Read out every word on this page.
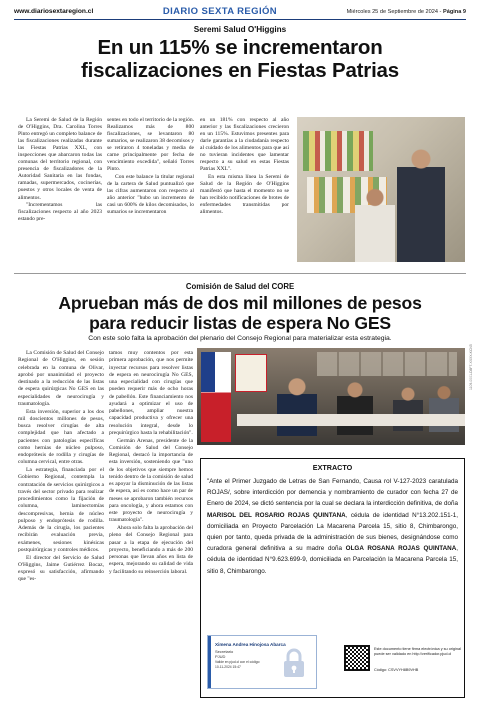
www.diariosextaregion.cl	DIARIO SEXTA REGIÓN	Miércoles 25 de Septiembre de 2024 - Página 9
Seremi Salud O'Higgins
En un 115% se incrementaron
fiscalizaciones en Fiestas Patrias

La Seremi de Salud de la Región de O'Higgins, Dra. Carolina Torres Pinto entregó un completo balance de las fiscalizaciones realizadas durante las Fiestas Patrias XXL, con inspecciones que abarcaron todas las comunas del territorio regional, con presencia de fiscalizadores de la Autoridad Sanitaria en las fondas, ramadas, supermercados, cocinerías, puestos y otros locales de venta de alimentos.

"Incrementamos las fiscalizaciones respecto al año 2023 estando pre-

sentes en todo el territorio de la región. Realizamos más de 800 fiscalizaciones, se levantaron 80 sumarios, se realizaron 38 decomisos y se retiraron 4 toneladas y media de carne principalmente por fecha de vencimiento excedida", señaló Torres Pinto.

Con este balance la titular regional de la cartera de Salud puntualizó que las cifras aumentaron con respecto al año anterior "hubo un incremento de casi un 600% de kilos decomisados, lo sumarios se incrementaron

en un 181% con respecto al año anterior y las fiscalizaciones crecieron en un 115%. Estuvimos presentes para darle garantías a la ciudadanía respecto al cuidado de los alimentos para que así no tuvieran incidentes que lamentar respecto a su salud en estas Fiestas Patrias XXL".

En esta misma línea la Seremi de Salud de la Región de O'Higgins manifestó que hasta el momento no se han recibido notificaciones de brotes de enfermedades transmitidas por alimentos.

Comisión de Salud del CORE
Aprueban más de dos mil millones de pesos
para reducir listas de espera No GES
Con este solo falta la aprobación del plenario del Consejo Regional para materializar esta estrategia.

La Comisión de Salud del Consejo Regional de O'Higgins, en sesión celebrada en la comuna de Olivar, aprobó por unanimidad el proyecto destinado a la reducción de las listas de espera quirúrgicas No GES en las especialidades de neurocirugía y traumatología.

Esta inversión, superior a los dos mil doscientos millones de pesos, busca resolver cirugías de alta complejidad que han afectado a pacientes con patologías específicas como hernias de núcleo pulposo, endoprótesis de rodilla y cirugías de columna cervical, entre otras.

La estrategia, financiada por el Gobierno Regional, contempla la contratación de servicios quirúrgicos a través del sector privado para realizar procedimientos como la fijación de columna, laminectomías descompresivas, hernia de núcleo pulposo y endoprótesis de rodilla. Además de la cirugía, los pacientes recibirán evaluación previa, exámenes, sesiones kinésicas postquirúrgicas y controles médicos.

El director del Servicio de Salud O'Higgins, Jaime Gutiérrez Bocaz, expresó su satisfacción, afirmando que "es-

tamos muy contentos por esta primera aprobación, que nos permite inyectar recursos para resolver listas de espera en neurocirugía No GES, una especialidad con cirugías que pueden requerir más de ocho horas de pabellón. Este financiamiento nos ayudará a optimizar el uso de pabellones, ampliar nuestra capacidad productiva y ofrecer una resolución integral, desde lo prequirúrgico hasta la rehabilitación".

Germán Arenas, presidente de la Comisión de Salud del Consejo Regional, destacó la importancia de esta inversión, sosteniendo que "uno de los objetivos que siempre hemos tenido dentro de la comisión de salud es apoyar la disminución de las listas de espera, así es como hace un par de meses se aprobaron también recursos para oncología, y ahora estamos con este proyecto de neurocirugía y traumatología".

Ahora solo falta la aprobación del pleno del Consejo Regional para pasar a la etapa de ejecución del proyecto, beneficiando a más de 200 personas que llevan años en lista de espera, mejorando su calidad de vida y facilitando su reinserción laboral.

EXTRACTO
"Ante el Primer Juzgado de Letras de San Fernando, Causa rol V-127-2023 caratulada ROJAS/, sobre interdicción por demencia y nombramiento de curador con fecha 27 de Enero de 2024, se dictó sentencia por la cual se declara la interdicción definitiva, de doña MARISOL DEL ROSARIO ROJAS QUINTANA, cédula de identidad N°13.202.151-1, domiciliada en Proyecto Parcelación La Macarena Parcela 15, sitio 8, Chimbarongo, quien por tanto, queda privada de la administración de sus bienes, designándose como curadora general definitiva a su madre doña OLGA ROSANA ROJAS QUINTANA, cédula de identidad N°9.623.699-9, domiciliada en Parcelación la Macarena Parcela 15, sitio 8, Chimbarongo.
Ximena Andrea Hinojosa Abarca
Secretario
PJUD
Valide en pjud.cl con el código:
10-11-2024 15:47
Este documento tiene firma electrónica y su original puede ser validado en http://verificador.pjud.cl
Código: CSVVYH8B9VHB
1109-0001-D8F7-XXXX-KCN5
